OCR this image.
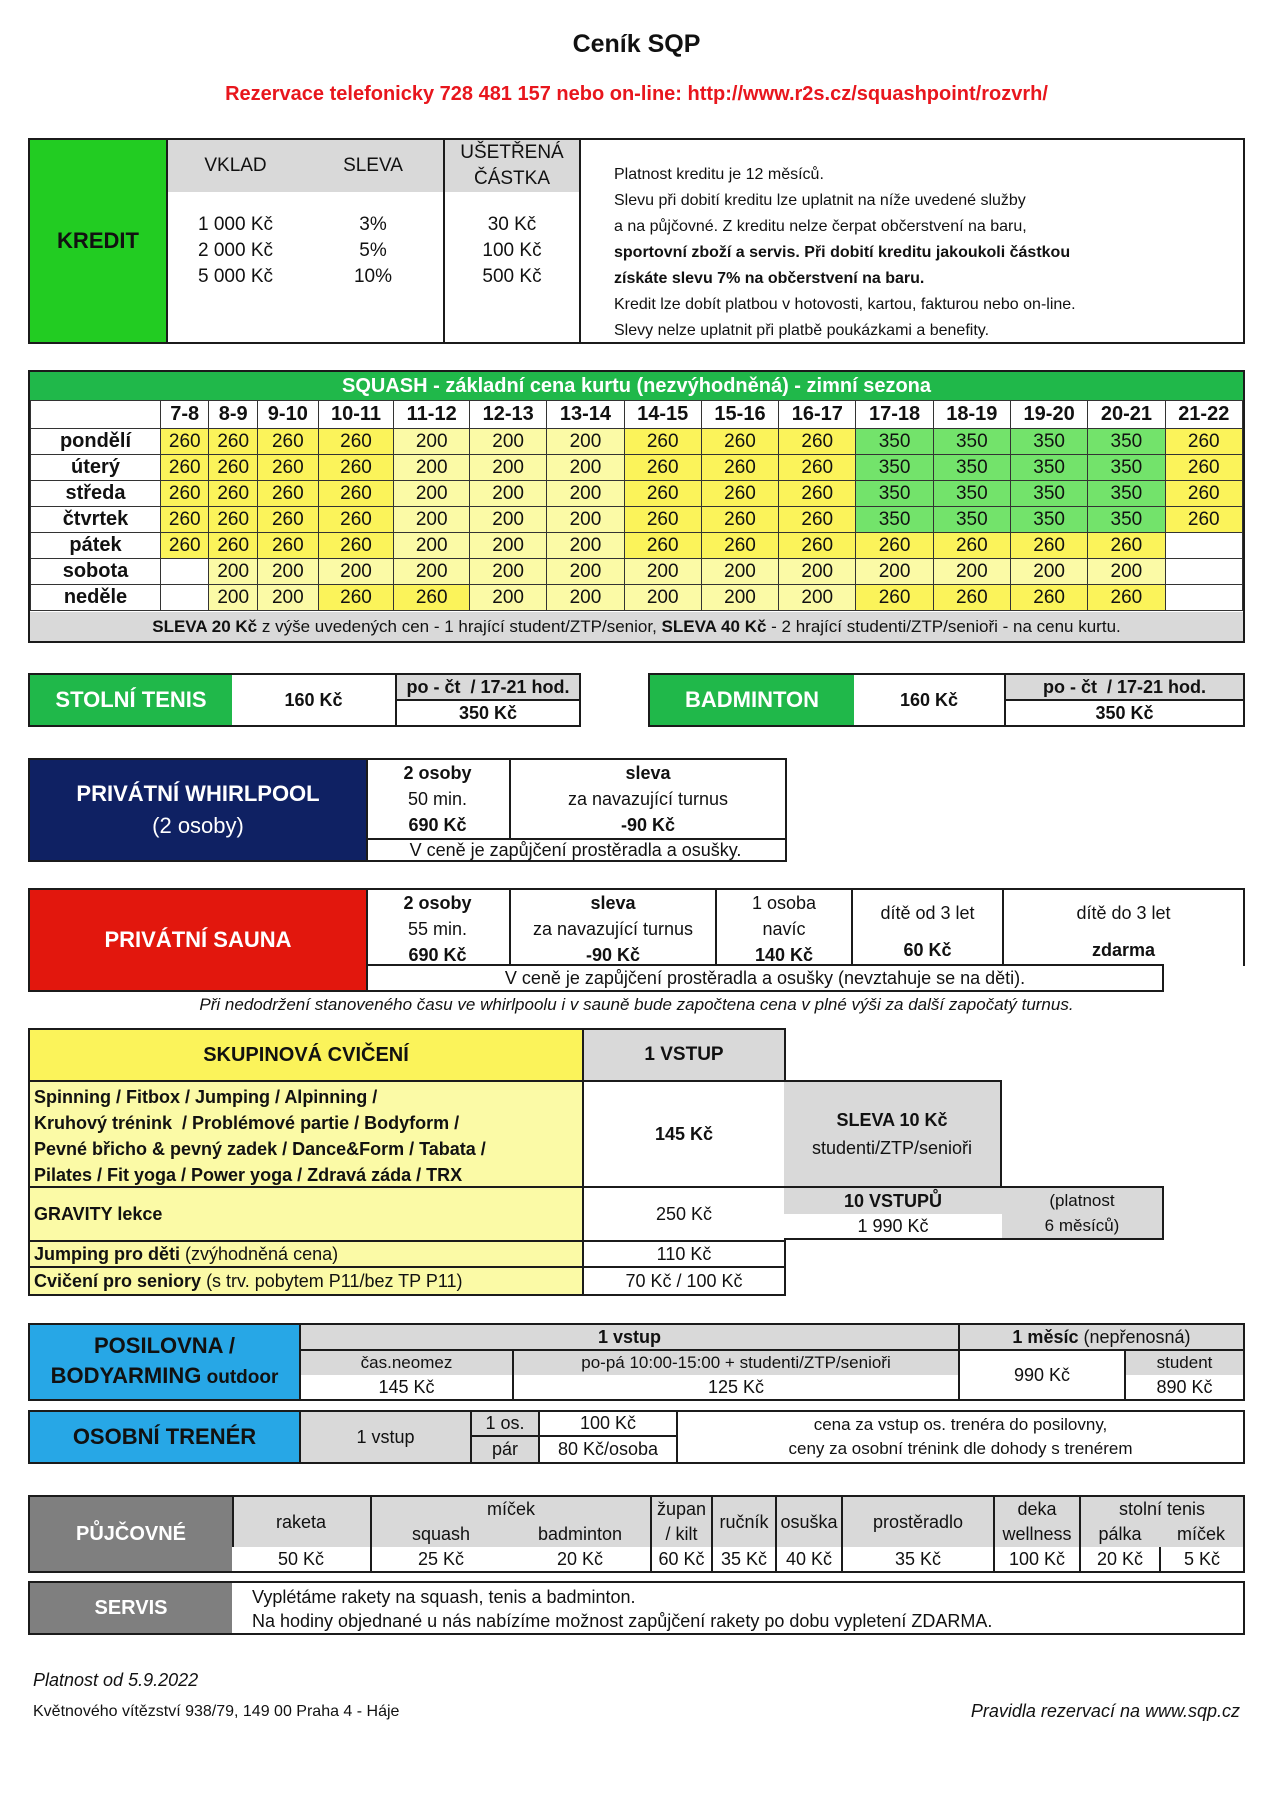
Ceník SQP
Rezervace telefonicky 728 481 157 nebo on-line: http://www.r2s.cz/squashpoint/rozvrh/
KREDIT
VKLAD	SLEVA
UŠETŘENÁ ČÁSTKA
1 000 Kč	3%	30 Kč
2 000 Kč	5%	100 Kč
5 000 Kč	10%	500 Kč
Platnost kreditu je 12 měsíců.
Slevu při dobití kreditu lze uplatnit na níže uvedené služby
a na půjčovné. Z kreditu nelze čerpat občerstvení na baru,
sportovní zboží a servis. Při dobití kreditu jakoukoli částkou
získáte slevu 7% na občerstvení na baru.
Kredit lze dobít platbou v hotovosti, kartou, fakturou nebo on-line.
Slevy nelze uplatnit při platbě poukázkami a benefity.
SQUASH - základní cena kurtu (nezvýhodněná) - zimní sezona
	7-8	8-9	9-10	10-11	11-12	12-13	13-14	14-15	15-16	16-17	17-18	18-19	19-20	20-21	21-22
pondělí	260	260	260	260	200	200	200	260	260	260	350	350	350	350	260
úterý	260	260	260	260	200	200	200	260	260	260	350	350	350	350	260
středa	260	260	260	260	200	200	200	260	260	260	350	350	350	350	260
čtvrtek	260	260	260	260	200	200	200	260	260	260	350	350	350	350	260
pátek	260	260	260	260	200	200	200	260	260	260	260	260	260	260	
sobota		200	200	200	200	200	200	200	200	200	200	200	200	200	
neděle		200	200	260	260	200	200	200	200	200	260	260	260	260	
SLEVA 20 Kč z výše uvedených cen - 1 hrající student/ZTP/senior, SLEVA 40 Kč - 2 hrající studenti/ZTP/senioři - na cenu kurtu.
STOLNÍ TENIS	160 Kč
po - čt  / 17-21 hod.
350 Kč
BADMINTON	160 Kč
po - čt  / 17-21 hod.
350 Kč
PRIVÁTNÍ WHIRLPOOL
(2 osoby)
2 osoby
50 min.
690 Kč
sleva
za navazující turnus
-90 Kč
V ceně je zapůjčení prostěradla a osušky.
PRIVÁTNÍ SAUNA
2 osoby
55 min.
690 Kč
sleva
za navazující turnus
-90 Kč
1 osoba
navíc
140 Kč
dítě od 3 let
60 Kč
dítě do 3 let
zdarma
V ceně je zapůjčení prostěradla a osušky (nevztahuje se na děti).
Při nedodržení stanoveného času ve whirlpoolu i v sauně bude započtena cena v plné výši za další započatý turnus.
SKUPINOVÁ CVIČENÍ	1 VSTUP
Spinning / Fitbox / Jumping / Alpinning /
Kruhový trénink  / Problémové partie / Bodyform /
Pevné břicho & pevný zadek / Dance&Form / Tabata /
Pilates / Fit yoga / Power yoga / Zdravá záda / TRX
145 Kč
GRAVITY lekce	250 Kč
Jumping pro děti (zvýhodněná cena)	110 Kč
Cvičení pro seniory (s trv. pobytem P11/bez TP P11)	70 Kč / 100 Kč
SLEVA 10 Kč
studenti/ZTP/senioři
10 VSTUPŮ
1 990 Kč
(platnost
6 měsíců)
POSILOVNA /
BODYARMING outdoor
1 vstup
čas.neomez
145 Kč
po-pá 10:00-15:00 + studenti/ZTP/senioři
125 Kč
1 měsíc (nepřenosná)
990 Kč
student
890 Kč
OSOBNÍ TRENÉR	1 vstup
1 os.
pár
100 Kč
80 Kč/osoba
cena za vstup os. trenéra do posilovny,
ceny za osobní trénink dle dohody s trenérem
PŮJČOVNÉ
raketa
50 Kč
míček
squash	badminton
25 Kč	20 Kč
župan
/ kilt
60 Kč
ručník
35 Kč
osuška
40 Kč
prostěradlo
35 Kč
deka
wellness
100 Kč
stolní tenis
pálka	míček
20 Kč	5 Kč
SERVIS	Vyplétáme rakety na squash, tenis a badminton.
Na hodiny objednané u nás nabízíme možnost zapůjčení rakety po dobu vypletení ZDARMA.
Platnost od 5.9.2022
Květnového vítězství 938/79, 149 00 Praha 4 - Háje	Pravidla rezervací na www.sqp.cz
